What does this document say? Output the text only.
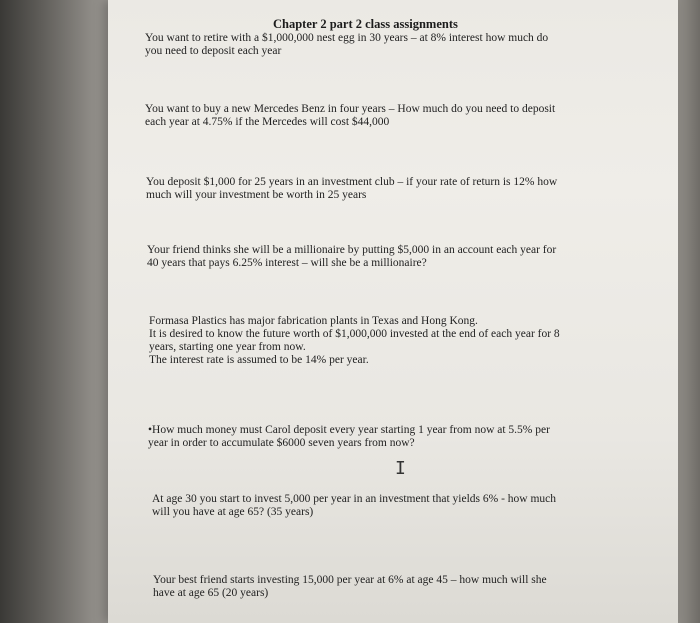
Chapter 2 part 2 class assignments
You want to retire with a $1,000,000 nest egg in 30 years – at 8% interest how much do
you need to deposit each year
You want to buy a new Mercedes Benz in four years – How much do you need to deposit
each year at 4.75% if the Mercedes will cost $44,000
You deposit $1,000 for 25 years in an investment club – if your rate of return is 12% how
much will your investment be worth in 25 years
Your friend thinks she will be a millionaire by putting $5,000 in an account each year for
40 years that pays 6.25% interest – will she be a millionaire?
Formasa Plastics has major fabrication plants in Texas and Hong Kong.
It is desired to know the future worth of $1,000,000 invested at the end of each year for 8
years, starting one year from now.
The interest rate is assumed to be 14% per year.
•How much money must Carol deposit every year starting 1 year from now at 5.5% per
year in order to accumulate $6000 seven years from now?
I
At age 30 you start to invest 5,000 per year in an investment that yields 6% - how much
will you have at age 65? (35 years)
Your best friend starts investing 15,000 per year at 6% at age 45 – how much will she
have at age 65 (20 years)
